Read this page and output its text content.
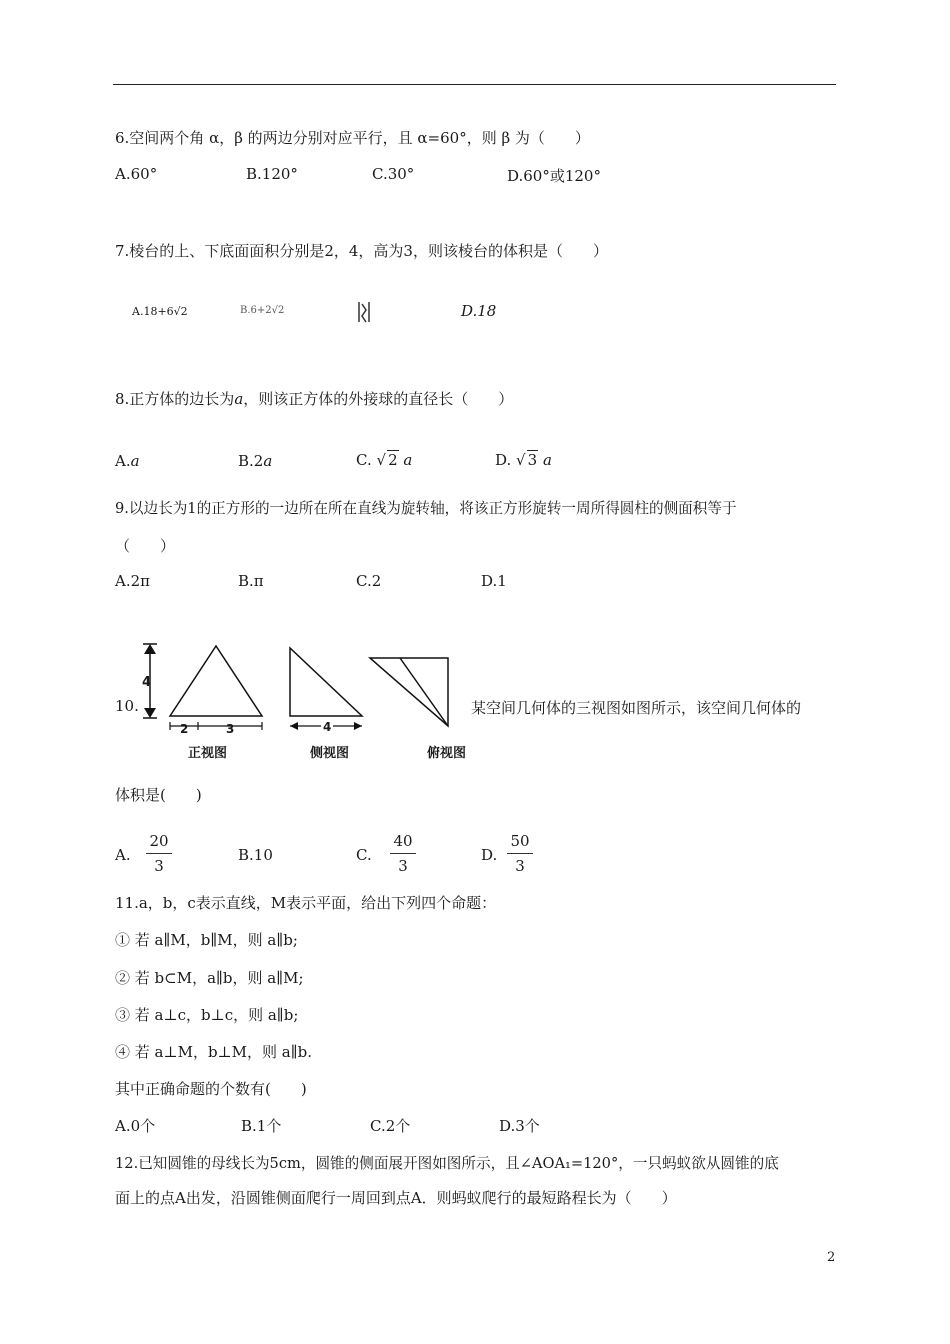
6.空间两个角 α，β 的两边分别对应平行，且 α=60°，则 β 为（　　）
A.60°	B.120°	C.30°	D.60°或120°
7.棱台的上、下底面面积分别是2，4，高为3，则该棱台的体积是（　　）
A.18+6√2	B.6+2√2	D.18
8.正方体的边长为a，则该正方体的外接球的直径长（　　）
A.a	B.2a	C. √ 2 a	D. √ 3 a
9.以边长为1的正方形的一边所在所在直线为旋转轴，将该正方形旋转一周所得圆柱的侧面积等于
（　　）
A.2π	B.π	C.2	D.1
10.
4
2	3	4
正视图	侧视图	俯视图
某空间几何体的三视图如图所示，该空间几何体的
体积是(　　)
A.
20
3
B.10	C.
40
3
D.
50
3
11.a，b，c表示直线，M表示平面，给出下列四个命题：
① 若 a∥M，b∥M，则 a∥b;
② 若 b⊂M，a∥b，则 a∥M;
③ 若 a⊥c，b⊥c，则 a∥b;
④ 若 a⊥M，b⊥M，则 a∥b.
其中正确命题的个数有(　　)
A.0个	B.1个	C.2个	D.3个
12.已知圆锥的母线长为5cm，圆锥的侧面展开图如图所示，且∠AOA₁=120°，一只蚂蚁欲从圆锥的底
面上的点A出发，沿圆锥侧面爬行一周回到点A．则蚂蚁爬行的最短路程长为（　　）
2
